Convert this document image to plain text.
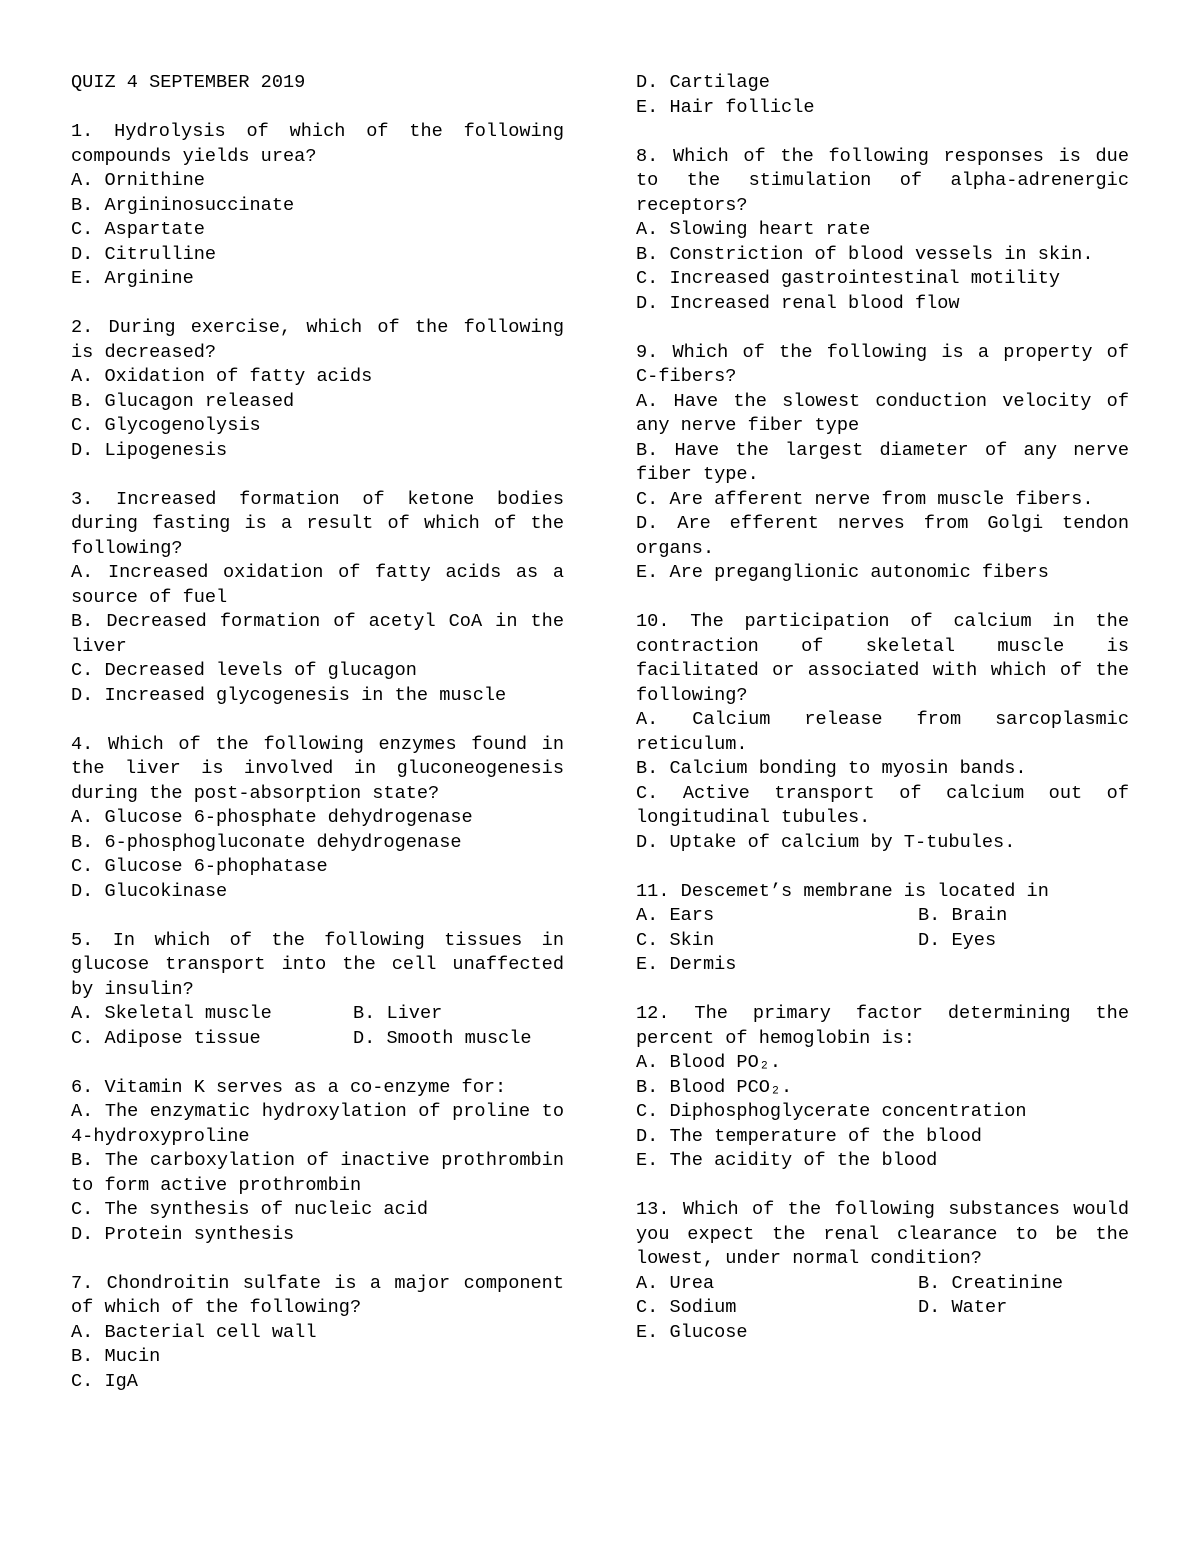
QUIZ 4 SEPTEMBER 2019
1. Hydrolysis of which of the following compounds yields urea?
A. Ornithine
B. Argininosuccinate
C. Aspartate
D. Citrulline
E. Arginine
2. During exercise, which of the following is decreased?
A. Oxidation of fatty acids
B. Glucagon released
C. Glycogenolysis
D. Lipogenesis
3. Increased formation of ketone bodies during fasting is a result of which of the following?
A. Increased oxidation of fatty acids as a source of fuel
B. Decreased formation of acetyl CoA in the liver
C. Decreased levels of glucagon
D. Increased glycogenesis in the muscle
4. Which of the following enzymes found in the liver is involved in gluconeogenesis during the post-absorption state?
A. Glucose 6-phosphate dehydrogenase
B. 6-phosphogluconate dehydrogenase
C. Glucose 6-phophatase
D. Glucokinase
5. In which of the following tissues in glucose transport into the cell unaffected by insulin?
A. Skeletal muscle	B. Liver
C. Adipose tissue	D. Smooth muscle
6. Vitamin K serves as a co-enzyme for:
A. The enzymatic hydroxylation of proline to 4-hydroxyproline
B. The carboxylation of inactive prothrombin to form active prothrombin
C. The synthesis of nucleic acid
D. Protein synthesis
7. Chondroitin sulfate is a major component of which of the following?
A. Bacterial cell wall
B. Mucin
C. IgA
D. Cartilage
E. Hair follicle
8. Which of the following responses is due to the stimulation of alpha-adrenergic receptors?
A. Slowing heart rate
B. Constriction of blood vessels in skin.
C. Increased gastrointestinal motility
D. Increased renal blood flow
9. Which of the following is a property of C-fibers?
A. Have the slowest conduction velocity of any nerve fiber type
B. Have the largest diameter of any nerve fiber type.
C. Are afferent nerve from muscle fibers.
D. Are efferent nerves from Golgi tendon organs.
E. Are preganglionic autonomic fibers
10. The participation of calcium in the contraction of skeletal muscle is facilitated or associated with which of the following?
A. Calcium release from sarcoplasmic reticulum.
B. Calcium bonding to myosin bands.
C. Active transport of calcium out of longitudinal tubules.
D. Uptake of calcium by T-tubules.
11. Descemet’s membrane is located in
A. Ears	B. Brain
C. Skin	D. Eyes
E. Dermis
12. The primary factor determining the percent of hemoglobin is:
A. Blood PO₂.
B. Blood PCO₂.
C. Diphosphoglycerate concentration
D. The temperature of the blood
E. The acidity of the blood
13. Which of the following substances would you expect the renal clearance to be the lowest, under normal condition?
A. Urea	B. Creatinine
C. Sodium	D. Water
E. Glucose
